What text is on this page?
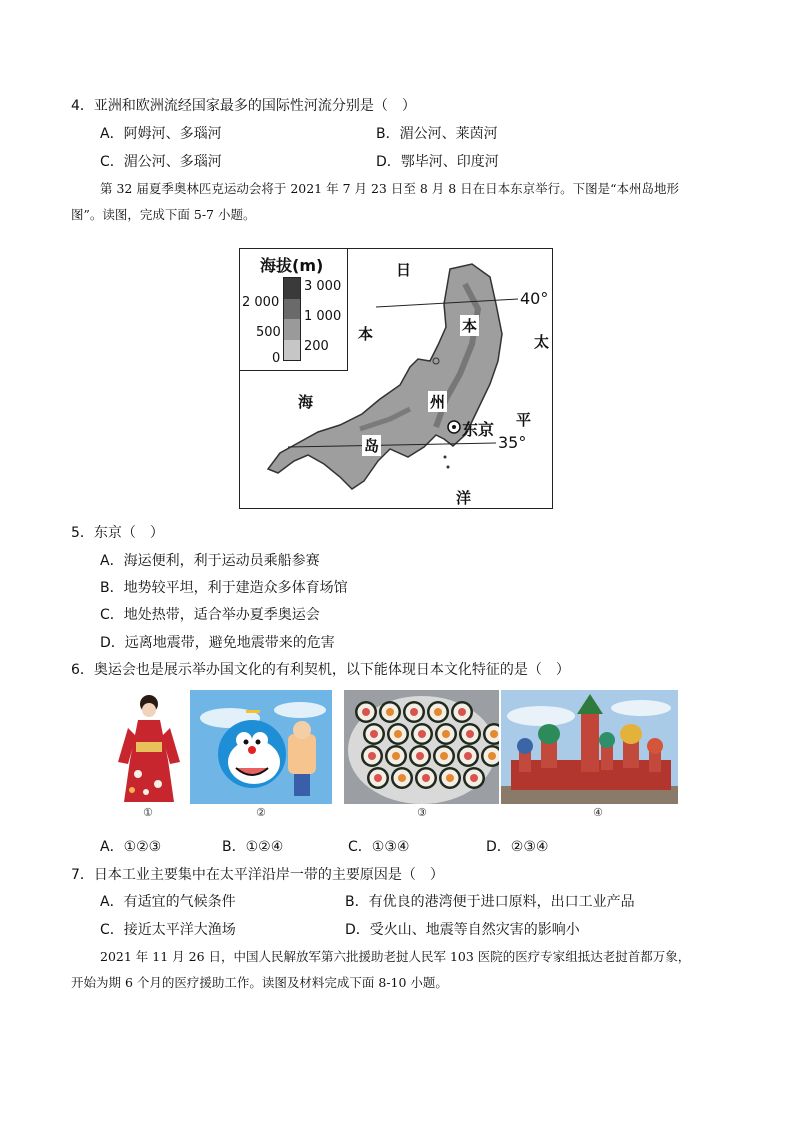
4．亚洲和欧洲流经国家最多的国际性河流分别是（　）
A．阿姆河、多瑙河	B．湄公河、莱茵河
C．湄公河、多瑙河	D．鄂毕河、印度河
第 32 届夏季奥林匹克运动会将于 2021 年 7 月 23 日至 8 月 8 日在日本东京举行。下图是“本州岛地形
图”。读图，完成下面 5-7 小题。
海拔(m)
3 000
1 000
200
2 000
500
0
日
本
海
太
平
洋
本
州
岛
东京
40°
35°
5．东京（　）
A．海运便利，利于运动员乘船参赛
B．地势较平坦，利于建造众多体育场馆
C．地处热带，适合举办夏季奥运会
D．远离地震带，避免地震带来的危害
6．奥运会也是展示举办国文化的有利契机，以下能体现日本文化特征的是（　）
①	②	③	④
A．①②③	B．①②④	C．①③④	D．②③④
7．日本工业主要集中在太平洋沿岸一带的主要原因是（　）
A．有适宜的气候条件	B．有优良的港湾便于进口原料，出口工业产品
C．接近太平洋大渔场	D．受火山、地震等自然灾害的影响小
2021 年 11 月 26 日，中国人民解放军第六批援助老挝人民军 103 医院的医疗专家组抵达老挝首都万象，
开始为期 6 个月的医疗援助工作。读图及材料完成下面 8-10 小题。
